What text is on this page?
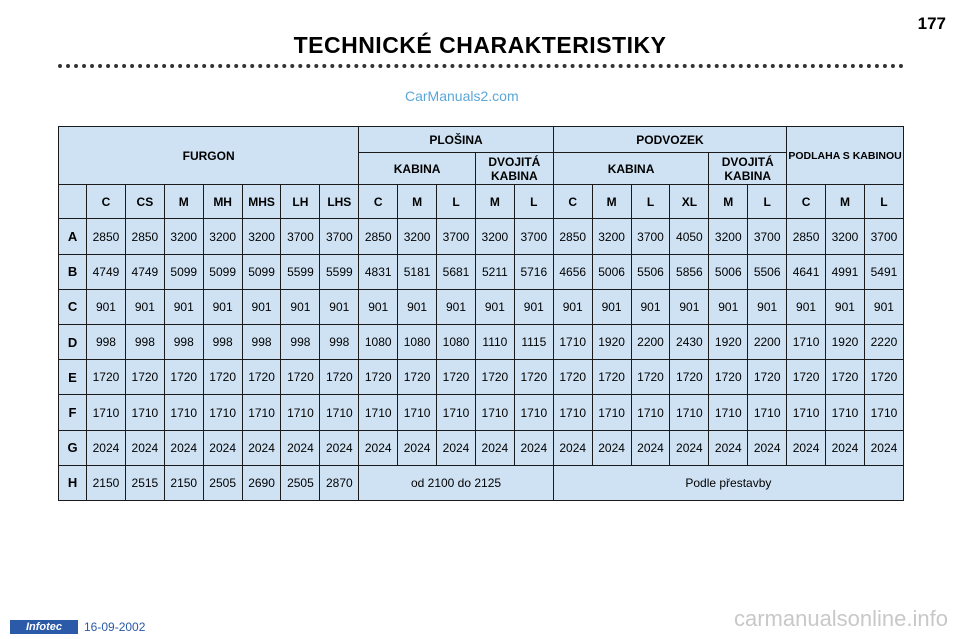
177
TECHNICKÉ CHARAKTERISTIKY
CarManuals2.com
FURGON								PLOŠINA					PODVOZEK						PODLAHA S KABINOU		
								KABINA			DVOJITÁ KABINA		KABINA				DVOJITÁ KABINA				
	C	CS	M	MH	MHS	LH	LHS	C	M	L	M	L	C	M	L	XL	M	L	C	M	L
A	2850	2850	3200	3200	3200	3700	3700	2850	3200	3700	3200	3700	2850	3200	3700	4050	3200	3700	2850	3200	3700
B	4749	4749	5099	5099	5099	5599	5599	4831	5181	5681	5211	5716	4656	5006	5506	5856	5006	5506	4641	4991	5491
C	901	901	901	901	901	901	901	901	901	901	901	901	901	901	901	901	901	901	901	901	901
D	998	998	998	998	998	998	998	1080	1080	1080	1110	1115	1710	1920	2200	2430	1920	2200	1710	1920	2220
E	1720	1720	1720	1720	1720	1720	1720	1720	1720	1720	1720	1720	1720	1720	1720	1720	1720	1720	1720	1720	1720
F	1710	1710	1710	1710	1710	1710	1710	1710	1710	1710	1710	1710	1710	1710	1710	1710	1710	1710	1710	1710	1710
G	2024	2024	2024	2024	2024	2024	2024	2024	2024	2024	2024	2024	2024	2024	2024	2024	2024	2024	2024	2024	2024
H	2150	2515	2150	2505	2690	2505	2870	od 2100 do 2125					Podle přestavby								
Infotec	16-09-2002	carmanualsonline.info
